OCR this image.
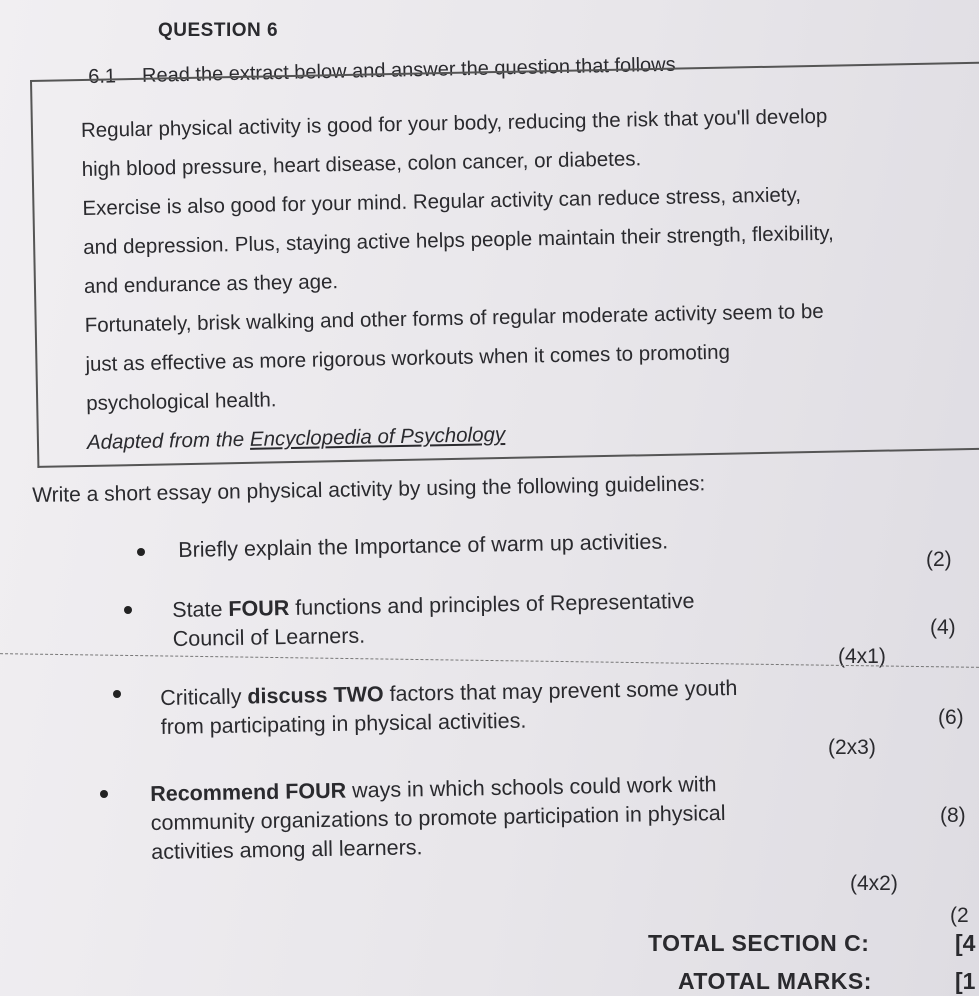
QUESTION 6
6.1 Read the extract below and answer the question that follows
Regular physical activity is good for your body, reducing the risk that you'll develop
high blood pressure, heart disease, colon cancer, or diabetes.
Exercise is also good for your mind. Regular activity can reduce stress, anxiety,
and depression. Plus, staying active helps people maintain their strength, flexibility,
and endurance as they age.
Fortunately, brisk walking and other forms of regular moderate activity seem to be
just as effective as more rigorous workouts when it comes to promoting
psychological health.
Adapted from the Encyclopedia of Psychology
Write a short essay on physical activity by using the following guidelines:
Briefly explain the Importance of warm up activities.	(2)
State FOUR functions and principles of Representative
Council of Learners.	(4)
(4x1)
Critically discuss TWO factors that may prevent some youth
from participating in physical activities.	(6)
(2x3)
Recommend FOUR ways in which schools could work with
community organizations to promote participation in physical
activities among all learners.
(8)
(4x2)
(2
TOTAL SECTION C:	[4
ATOTAL MARKS:	[1
